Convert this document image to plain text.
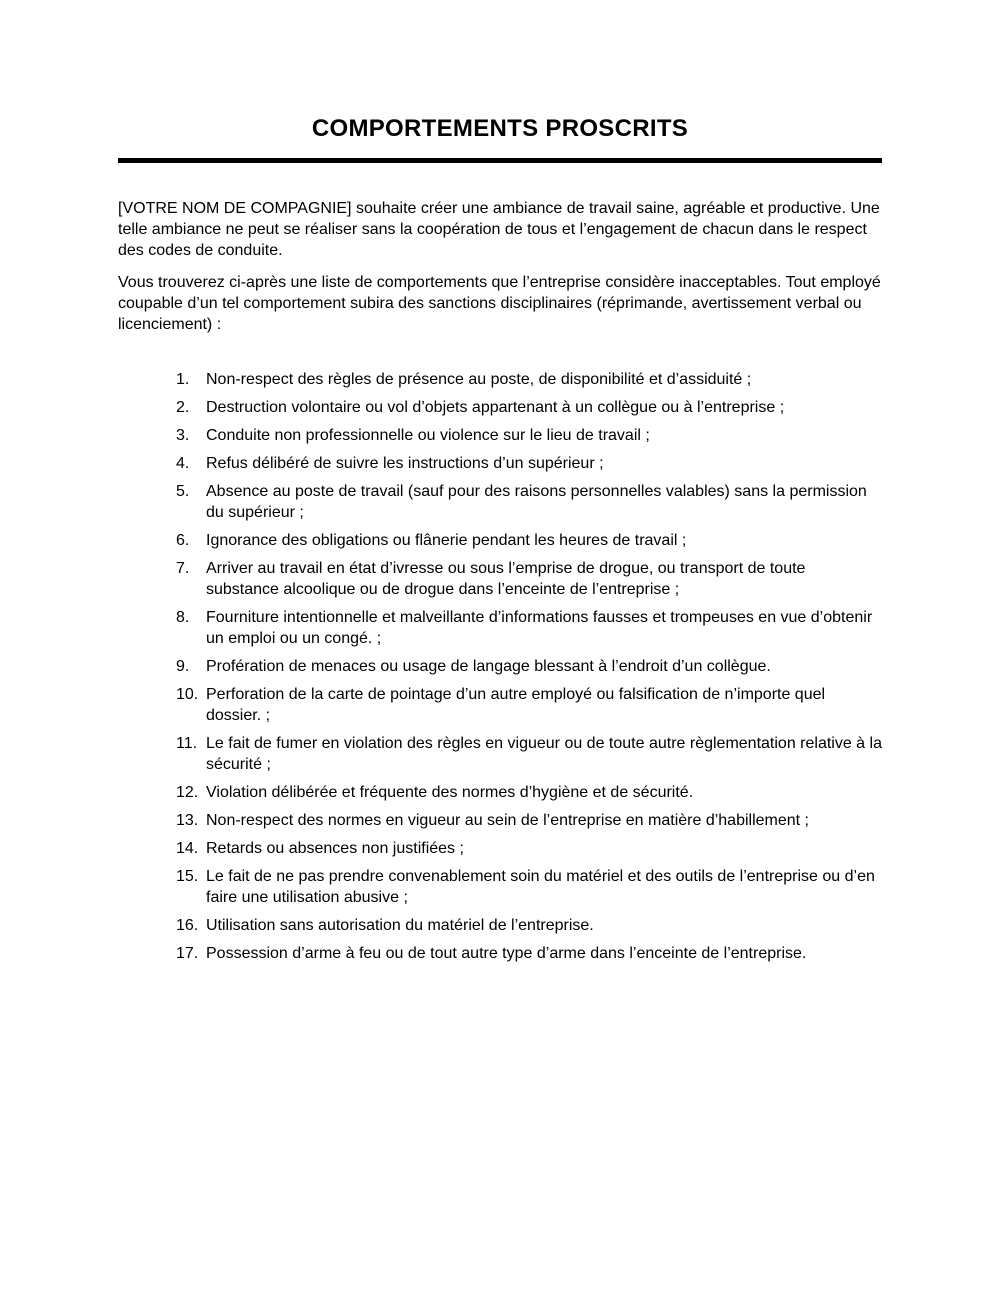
COMPORTEMENTS PROSCRITS

[VOTRE NOM DE COMPAGNIE] souhaite créer une ambiance de travail saine, agréable et productive. Une telle ambiance ne peut se réaliser sans la coopération de tous et l’engagement de chacun dans le respect des codes de conduite.

Vous trouverez ci-après une liste de comportements que l’entreprise considère inacceptables. Tout employé coupable d’un tel comportement subira des sanctions disciplinaires (réprimande, avertissement verbal ou licenciement) :

1.	Non-respect des règles de présence au poste, de disponibilité et d’assiduité ;
2.	Destruction volontaire ou vol d’objets appartenant à un collègue ou à l’entreprise ;
3.	Conduite non professionnelle ou violence sur le lieu de travail ;
4.	Refus délibéré de suivre les instructions d’un supérieur ;
5.	Absence au poste de travail (sauf pour des raisons personnelles valables) sans la permission du supérieur ;
6.	Ignorance des obligations ou flânerie pendant les heures de travail ;
7.	Arriver au travail en état d’ivresse ou sous l’emprise de drogue, ou transport de toute substance alcoolique ou de drogue dans l’enceinte de l’entreprise ;
8.	Fourniture intentionnelle et malveillante d’informations fausses et trompeuses en vue d’obtenir un emploi ou un congé. ;
9.	Profération de menaces ou usage de langage blessant à l’endroit d’un collègue.
10. Perforation de la carte de pointage d’un autre employé ou falsification de n’importe quel dossier. ;
11. Le fait de fumer en violation des règles en vigueur ou de toute autre règlementation relative à la sécurité ;
12. Violation délibérée et fréquente des normes d’hygiène et de sécurité.
13. Non-respect des normes en vigueur au sein de l’entreprise en matière d’habillement ;
14. Retards ou absences non justifiées ;
15. Le fait de ne pas prendre convenablement soin du matériel et des outils de l’entreprise ou d’en faire une utilisation abusive ;
16. Utilisation sans autorisation du matériel de l’entreprise.
17. Possession d’arme à feu ou de tout autre type d’arme dans l’enceinte de l’entreprise.
